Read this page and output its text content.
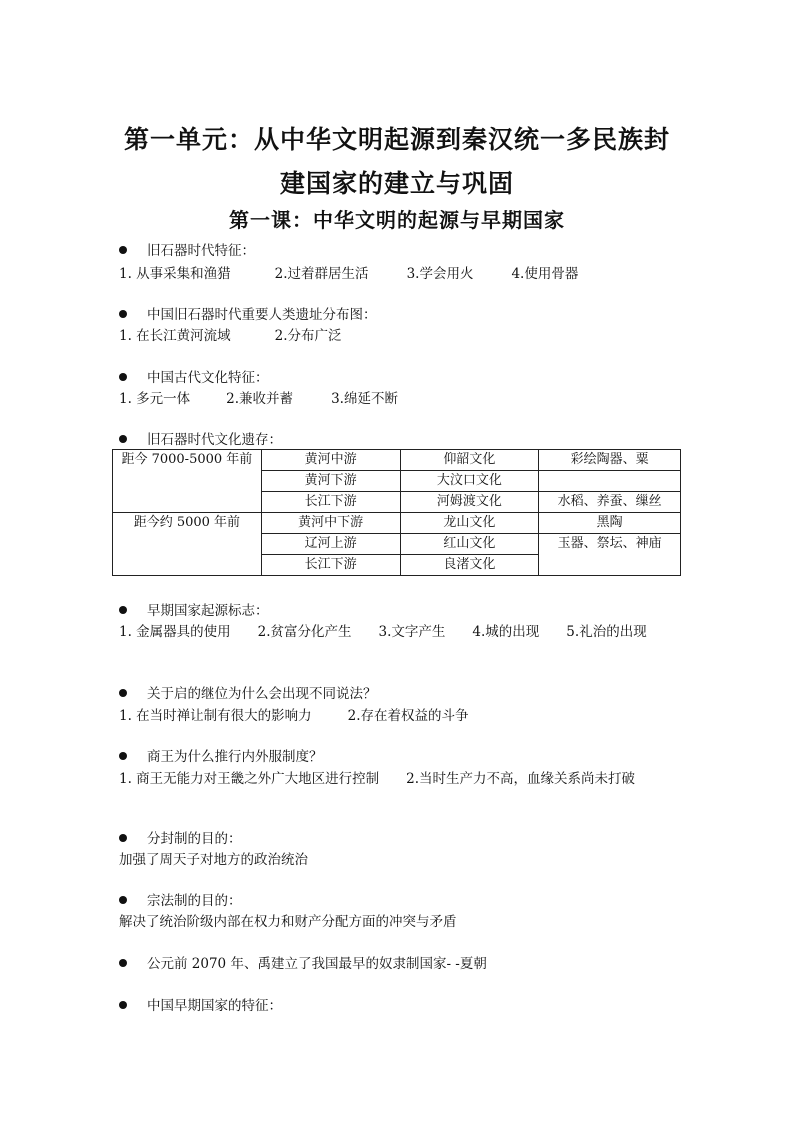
第一单元：从中华文明起源到秦汉统一多民族封建国家的建立与巩固
第一课：中华文明的起源与早期国家
旧石器时代特征：
1. 从事采集和渔猎	2.过着群居生活	3.学会用火	4.使用骨器
中国旧石器时代重要人类遗址分布图：
1. 在长江黄河流域	2.分布广泛
中国古代文化特征：
1. 多元一体	2.兼收并蓄	3.绵延不断
旧石器时代文化遗存：
距今 7000-5000 年前	黄河中游	仰韶文化	彩绘陶器、粟
	黄河下游	大汶口文化	
	长江下游	河姆渡文化	水稻、养蚕、缫丝
距今约 5000 年前	黄河中下游	龙山文化	黑陶
	辽河上游	红山文化	玉器、祭坛、神庙
	长江下游	良渚文化	
早期国家起源标志：
1. 金属器具的使用　　2.贫富分化产生　　3.文字产生　　4.城的出现　　5.礼治的出现
关于启的继位为什么会出现不同说法？
1. 在当时禅让制有很大的影响力	2.存在着权益的斗争
商王为什么推行内外服制度？
1. 商王无能力对王畿之外广大地区进行控制　　2.当时生产力不高，血缘关系尚未打破
分封制的目的：
加强了周天子对地方的政治统治
宗法制的目的：
解决了统治阶级内部在权力和财产分配方面的冲突与矛盾
公元前 2070 年、禹建立了我国最早的奴隶制国家- -夏朝
中国早期国家的特征：
